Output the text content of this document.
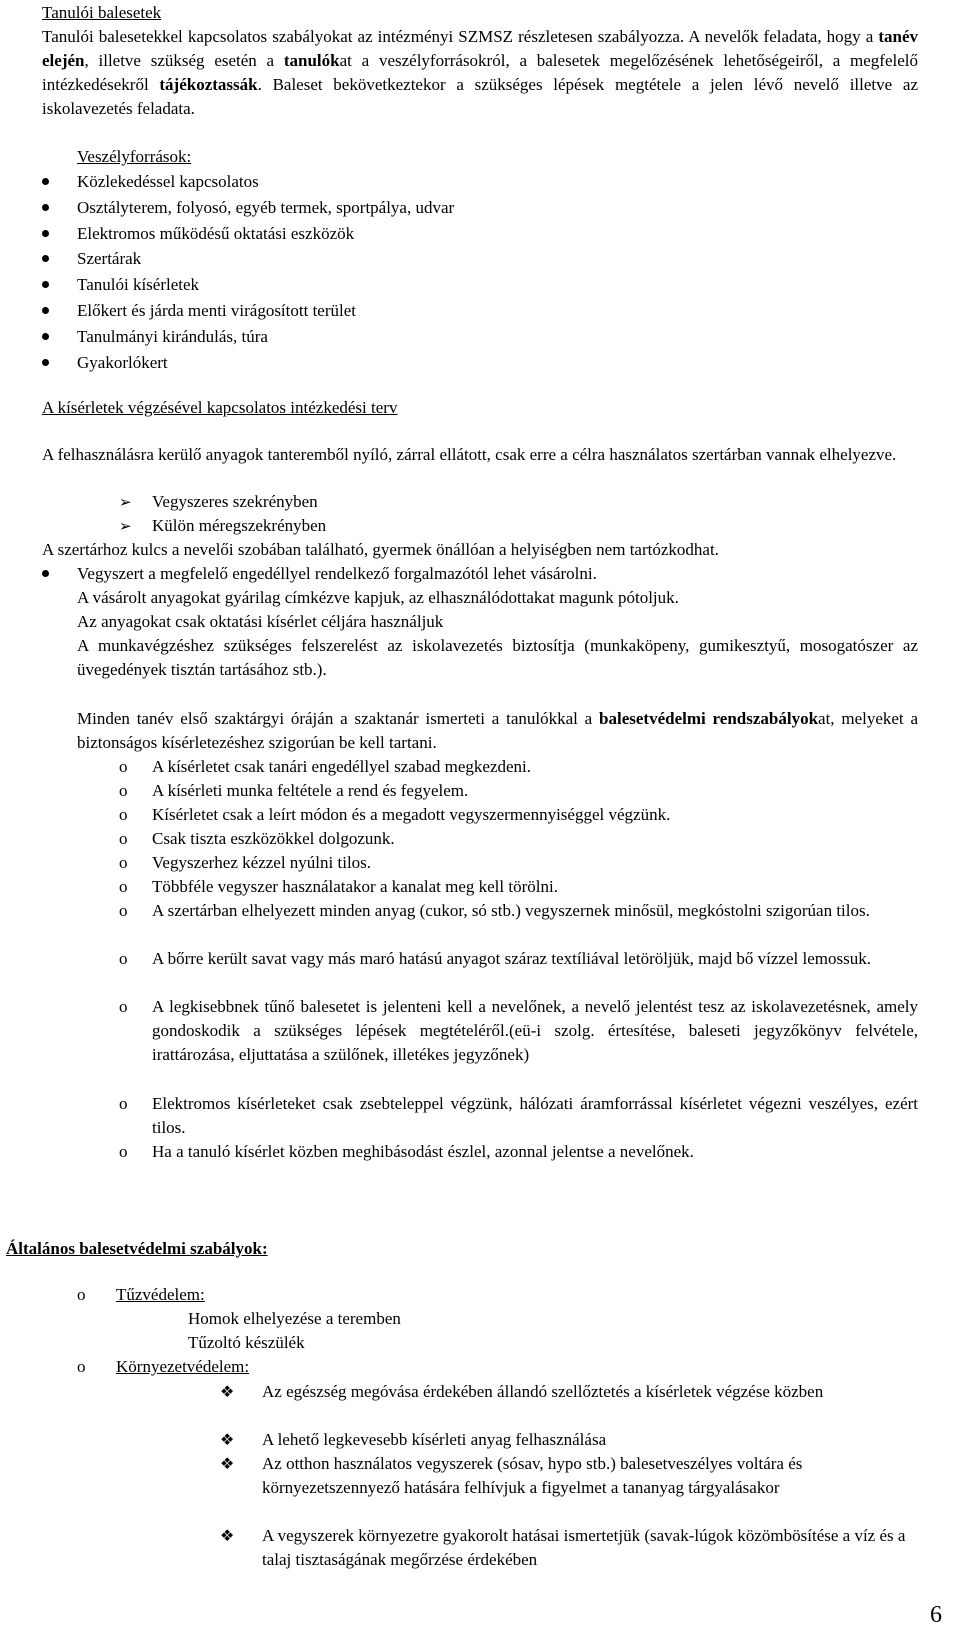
Tanulói balesetek
Tanulói balesetekkel kapcsolatos szabályokat az intézményi SZMSZ részletesen szabályozza. A nevelők feladata, hogy a tanév elején, illetve szükség esetén a tanulókat a veszélyforrásokról, a balesetek megelőzésének lehetőségeiről, a megfelelő intézkedésekről tájékoztassák. Baleset bekövetkeztekor a szükséges lépések megtétele a jelen lévő nevelő illetve az iskolavezetés feladata.
Veszélyforrások:
Közlekedéssel kapcsolatos
Osztályterem, folyosó, egyéb termek, sportpálya, udvar
Elektromos működésű oktatási eszközök
Szertárak
Tanulói kísérletek
Előkert és járda menti virágosított terület
Tanulmányi kirándulás, túra
Gyakorlókert
A kísérletek végzésével kapcsolatos intézkedési terv
A felhasználásra kerülő anyagok tanteremből nyíló, zárral ellátott, csak erre a célra használatos szertárban vannak elhelyezve.
➢ Vegyszeres szekrényben
➢ Külön méregszekrényben
A szertárhoz kulcs a nevelői szobában található, gyermek önállóan a helyiségben nem tartózkodhat.
Vegyszert a megfelelő engedéllyel rendelkező forgalmazótól lehet vásárolni.
A vásárolt anyagokat gyárilag címkézve kapjuk, az elhasználódottakat magunk pótoljuk.
Az anyagokat csak oktatási kísérlet céljára használjuk
A munkavégzéshez szükséges felszerelést az iskolavezetés biztosítja (munkaköpeny, gumikesztyű, mosogatószer az üvegedények tisztán tartásához stb.).
Minden tanév első szaktárgyi óráján a szaktanár ismerteti a tanulókkal a balesetvédelmi rendszabályokat, melyeket a biztonságos kísérletezéshez szigorúan be kell tartani.
o A kísérletet csak tanári engedéllyel szabad megkezdeni.
o A kísérleti munka feltétele a rend és fegyelem.
o Kísérletet csak a leírt módon és a megadott vegyszermennyiséggel végzünk.
o Csak tiszta eszközökkel dolgozunk.
o Vegyszerhez kézzel nyúlni tilos.
o Többféle vegyszer használatakor a kanalat meg kell törölni.
o A szertárban elhelyezett minden anyag (cukor, só stb.) vegyszernek minősül, megkóstolni szigorúan tilos.
o A bőrre került savat vagy más maró hatású anyagot száraz textíliával letöröljük, majd bő vízzel lemossuk.
o A legkisebbnek tűnő balesetet is jelenteni kell a nevelőnek, a nevelő jelentést tesz az iskolavezetésnek, amely gondoskodik a szükséges lépések megtételéről.(eü-i szolg. értesítése, baleseti jegyzőkönyv felvétele, irattározása, eljuttatása a szülőnek, illetékes jegyzőnek)
o Elektromos kísérleteket csak zsebteleppel végzünk, hálózati áramforrással kísérletet végezni veszélyes, ezért tilos.
o Ha a tanuló kísérlet közben meghibásodást észlel, azonnal jelentse a nevelőnek.
Általános balesetvédelmi szabályok:
o Tűzvédelem:
Homok elhelyezése a teremben
Tűzoltó készülék
o Környezetvédelem:
❖ Az egészség megóvása érdekében állandó szellőztetés a kísérletek végzése közben
❖ A lehető legkevesebb kísérleti anyag felhasználása
❖ Az otthon használatos vegyszerek (sósav, hypo stb.) balesetveszélyes voltára és környezetszennyező hatására felhívjuk a figyelmet a tananyag tárgyalásakor
❖ A vegyszerek környezetre gyakorolt hatásai ismertetjük (savak-lúgok közömbösítése a víz és a talaj tisztaságának megőrzése érdekében
6
